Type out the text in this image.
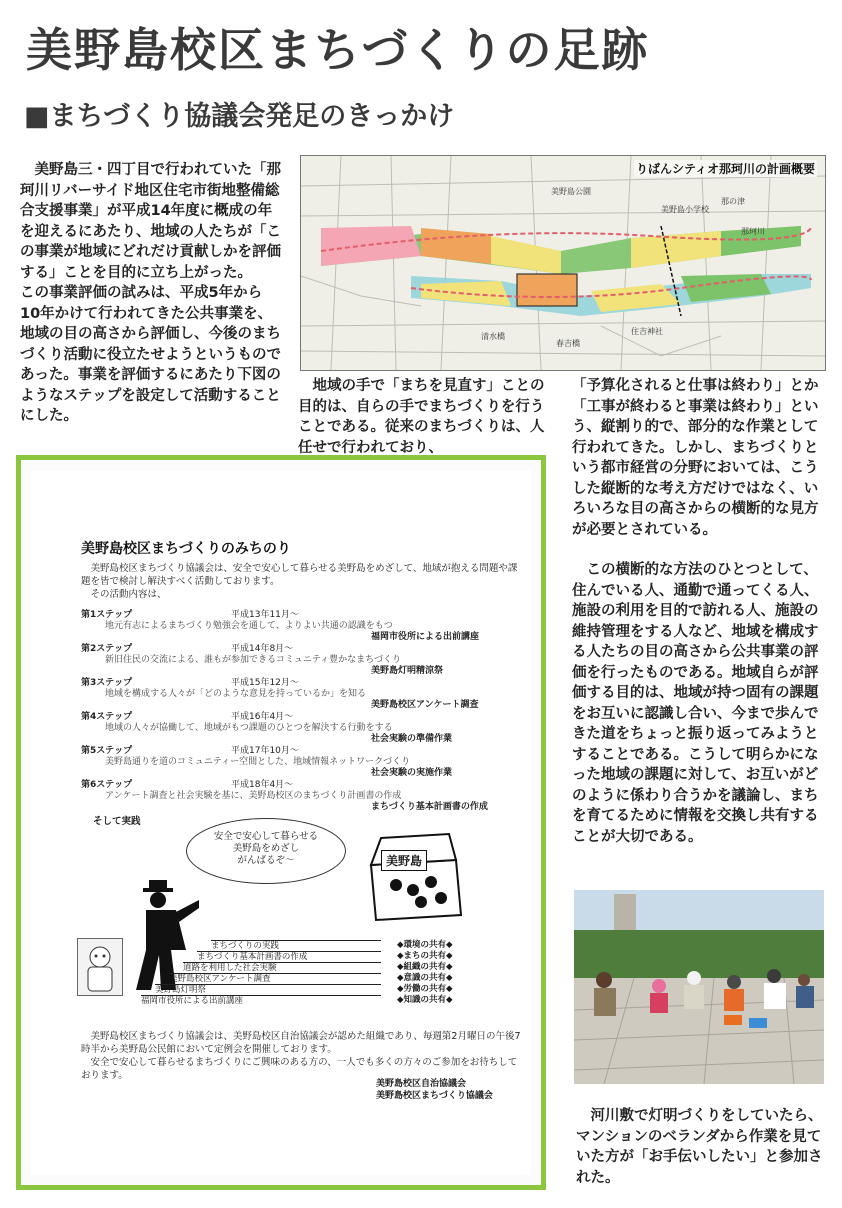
美野島校区まちづくりの足跡
■まちづくり協議会発足のきっかけ

美野島三・四丁目で行われていた「那珂川リバーサイド地区住宅市街地整備総合支援事業」が平成14年度に概成の年を迎えるにあたり、地域の人たちが「この事業が地域にどれだけ貢献しかを評価する」ことを目的に立ち上がった。

この事業評価の試みは、平成5年から10年かけて行われてきた公共事業を、地域の目の高さから評価し、今後のまちづくり活動に役立たせようというものであった。事業を評価するにあたり下図のようなステップを設定して活動することにした。

りばんシティオ那珂川の計画概要
美野島小学校
那珂川
美野島公園
住吉神社
清水橋
春吉橋
那の津

地域の手で「まちを見直す」ことの目的は、自らの手でまちづくりを行うことである。従来のまちづくりは、人任せで行われており、

「予算化されると仕事は終わり」とか「工事が終わると事業は終わり」という、縦割り的で、部分的な作業として行われてきた。しかし、まちづくりという都市経営の分野においては、こうした縦断的な考え方だけではなく、いろいろな目の高さからの横断的な見方が必要とされている。

この横断的な方法のひとつとして、住んでいる人、通勤で通ってくる人、施設の利用を目的で訪れる人、施設の維持管理をする人など、地域を構成する人たちの目の高さから公共事業の評価を行ったものである。地域自らが評価する目的は、地域が持つ固有の課題をお互いに認識し合い、今まで歩んできた道をちょっと振り返ってみようとすることである。こうして明らかになった地域の課題に対して、お互いがどのように係わり合うかを議論し、まちを育てるために情報を交換し共有することが大切である。

美野島校区まちづくりのみちのり

美野島校区まちづくり協議会は、安全で安心して暮らせる美野島をめざして、地域が抱える問題や課題を皆で検討し解決すべく活動しております。

その活動内容は、

第1ステップ	平成13年11月～
地元有志によるまちづくり勉強会を通して、よりよい共通の認識をもつ
福岡市役所による出前講座
第2ステップ	平成14年8月～
新旧住民の交流による、誰もが参加できるコミュニティ豊かなまちづくり
美野島灯明精涼祭
第3ステップ	平成15年12月～
地域を構成する人々が「どのような意見を持っているか」を知る
美野島校区アンケート調査
第4ステップ	平成16年4月～
地域の人々が協働して、地域がもつ課題のひとつを解決する行動をする
社会実験の準備作業
第5ステップ	平成17年10月～
美野島通りを道のコミュニティー空間とした、地域情報ネットワークづくり
社会実験の実施作業
第6ステップ	平成18年4月～
アンケート調査と社会実験を基に、美野島校区のまちづくり計画書の作成
まちづくり基本計画書の作成
そして実践
安全で安心して暮らせる
美野島をめざし
がんばるぞ～	美野島
まちづくりの実践
まちづくり基本計画書の作成
道路を利用した社会実験
美野島校区アンケート調査
美野島灯明祭
福岡市役所による出前講座
◆環境の共有◆
◆まちの共有◆
◆組織の共有◆
◆意識の共有◆
◆労働の共有◆
◆知識の共有◆

美野島校区まちづくり協議会は、美野島校区自治協議会が認めた組織であり、毎週第2月曜日の午後7時半から美野島公民館において定例会を開催しております。

安全で安心して暮らせるまちづくりにご興味のある方の、一人でも多くの方々のご参加をお待ちしております。

美野島校区自治協議会
美野島校区まちづくり協議会

河川敷で灯明づくりをしていたら、マンションのベランダから作業を見ていた方が「お手伝いしたい」と参加された。
